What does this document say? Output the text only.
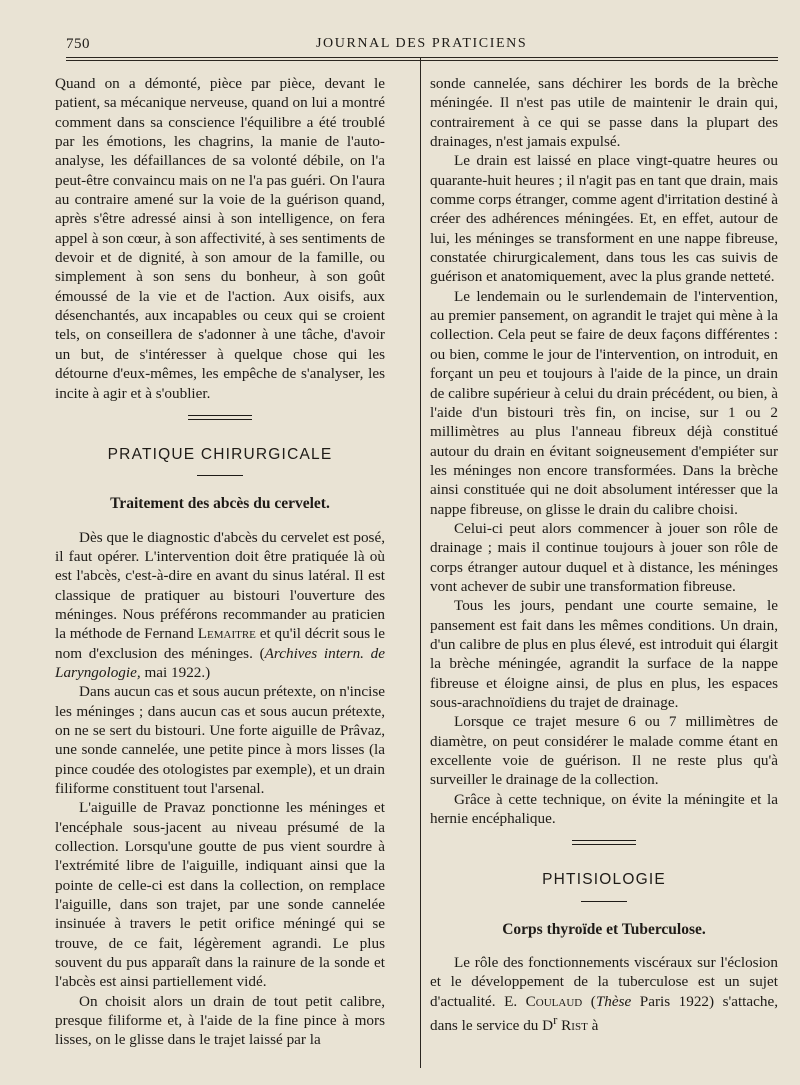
750	JOURNAL DES PRATICIENS

Quand on a démonté, pièce par pièce, devant le patient, sa mécanique nerveuse, quand on lui a montré comment dans sa conscience l'équilibre a été troublé par les émotions, les chagrins, la manie de l'auto-analyse, les défaillances de sa volonté débile, on l'a peut-être convaincu mais on ne l'a pas guéri. On l'aura au contraire amené sur la voie de la guérison quand, après s'être adressé ainsi à son intelligence, on fera appel à son cœur, à son affectivité, à ses sentiments de devoir et de dignité, à son amour de la famille, ou simplement à son sens du bonheur, à son goût émoussé de la vie et de l'action. Aux oisifs, aux désenchantés, aux incapables ou ceux qui se croient tels, on conseillera de s'adonner à une tâche, d'avoir un but, de s'intéresser à quelque chose qui les détourne d'eux-mêmes, les empêche de s'analyser, les incite à agir et à s'oublier.

PRATIQUE CHIRURGICALE
Traitement des abcès du cervelet.

Dès que le diagnostic d'abcès du cervelet est posé, il faut opérer. L'intervention doit être pratiquée là où est l'abcès, c'est-à-dire en avant du sinus latéral. Il est classique de pratiquer au bistouri l'ouverture des méninges. Nous préférons recommander au praticien la méthode de Fernand Lemaitre et qu'il décrit sous le nom d'exclusion des méninges. (Archives intern. de Laryngologie, mai 1922.)

Dans aucun cas et sous aucun prétexte, on n'incise les méninges ; dans aucun cas et sous aucun prétexte, on ne se sert du bistouri. Une forte aiguille de Prâvaz, une sonde cannelée, une petite pince à mors lisses (la pince coudée des otologistes par exemple), et un drain filiforme constituent tout l'arsenal.

L'aiguille de Pravaz ponctionne les méninges et l'encéphale sous-jacent au niveau présumé de la collection. Lorsqu'une goutte de pus vient sourdre à l'extrémité libre de l'aiguille, indiquant ainsi que la pointe de celle-ci est dans la collection, on remplace l'aiguille, dans son trajet, par une sonde cannelée insinuée à travers le petit orifice méningé qui se trouve, de ce fait, légèrement agrandi. Le plus souvent du pus apparaît dans la rainure de la sonde et l'abcès est ainsi partiellement vidé.

On choisit alors un drain de tout petit calibre, presque filiforme et, à l'aide de la fine pince à mors lisses, on le glisse dans le trajet laissé par la

sonde cannelée, sans déchirer les bords de la brèche méningée. Il n'est pas utile de maintenir le drain qui, contrairement à ce qui se passe dans la plupart des drainages, n'est jamais expulsé.

Le drain est laissé en place vingt-quatre heures ou quarante-huit heures ; il n'agit pas en tant que drain, mais comme corps étranger, comme agent d'irritation destiné à créer des adhérences méningées. Et, en effet, autour de lui, les méninges se transforment en une nappe fibreuse, constatée chirurgicalement, dans tous les cas suivis de guérison et anatomiquement, avec la plus grande netteté.

Le lendemain ou le surlendemain de l'intervention, au premier pansement, on agrandit le trajet qui mène à la collection. Cela peut se faire de deux façons différentes : ou bien, comme le jour de l'intervention, on introduit, en forçant un peu et toujours à l'aide de la pince, un drain de calibre supérieur à celui du drain précédent, ou bien, à l'aide d'un bistouri très fin, on incise, sur 1 ou 2 millimètres au plus l'anneau fibreux déjà constitué autour du drain en évitant soigneusement d'empiéter sur les méninges non encore transformées. Dans la brèche ainsi constituée qui ne doit absolument intéresser que la nappe fibreuse, on glisse le drain du calibre choisi.

Celui-ci peut alors commencer à jouer son rôle de drainage ; mais il continue toujours à jouer son rôle de corps étranger autour duquel et à distance, les méninges vont achever de subir une transformation fibreuse.

Tous les jours, pendant une courte semaine, le pansement est fait dans les mêmes conditions. Un drain, d'un calibre de plus en plus élevé, est introduit qui élargit la brèche méningée, agrandit la surface de la nappe fibreuse et éloigne ainsi, de plus en plus, les espaces sous-arachnoïdiens du trajet de drainage.

Lorsque ce trajet mesure 6 ou 7 millimètres de diamètre, on peut considérer le malade comme étant en excellente voie de guérison. Il ne reste plus qu'à surveiller le drainage de la collection.

Grâce à cette technique, on évite la méningite et la hernie encéphalique.

PHTISIOLOGIE
Corps thyroïde et Tuberculose.

Le rôle des fonctionnements viscéraux sur l'éclosion et le développement de la tuberculose est un sujet d'actualité. E. Coulaud (Thèse Paris 1922) s'attache, dans le service du $D^r$ Rist à
